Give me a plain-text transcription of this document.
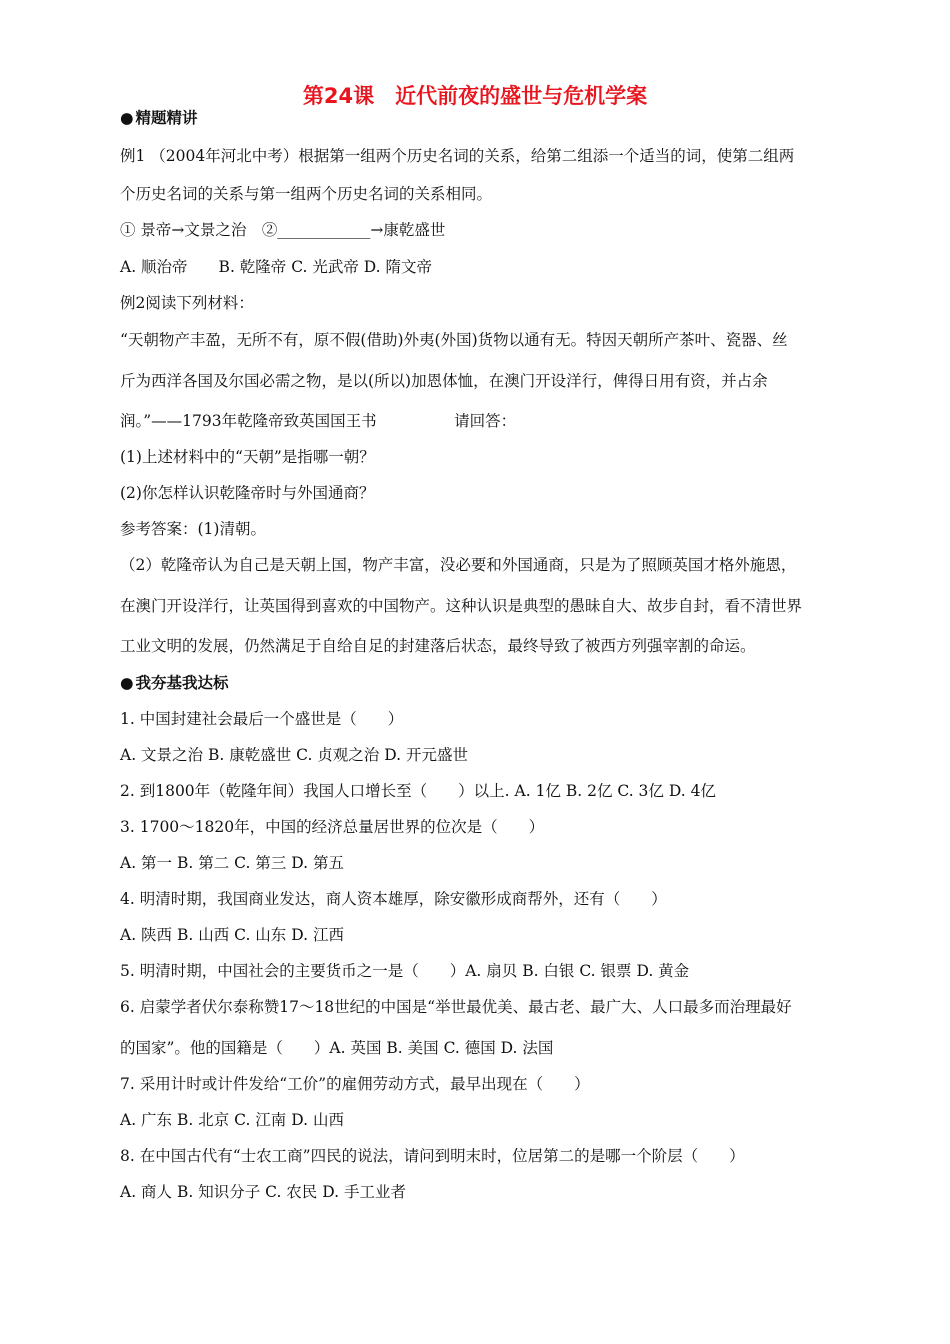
第24课　近代前夜的盛世与危机学案
● 精题精讲
例1 （2004年河北中考）根据第一组两个历史名词的关系，给第二组添一个适当的词，使第二组两
个历史名词的关系与第一组两个历史名词的关系相同。
① 景帝→文景之治　②____________→康乾盛世
A. 顺治帝　　B. 乾隆帝 C. 光武帝 D. 隋文帝
例2阅读下列材料：
“天朝物产丰盈，无所不有，原不假(借助)外夷(外国)货物以通有无。特因天朝所产茶叶、瓷器、丝
斤为西洋各国及尔国必需之物，是以(所以)加恩体恤，在澳门开设洋行，俾得日用有资，并占余
润。”——1793年乾隆帝致英国国王书　　　　　请回答：
(1)上述材料中的“天朝”是指哪一朝？
(2)你怎样认识乾隆帝时与外国通商？
参考答案：(1)清朝。
（2）乾隆帝认为自己是天朝上国，物产丰富，没必要和外国通商，只是为了照顾英国才格外施恩，
在澳门开设洋行，让英国得到喜欢的中国物产。这种认识是典型的愚昧自大、故步自封，看不清世界
工业文明的发展，仍然满足于自给自足的封建落后状态，最终导致了被西方列强宰割的命运。
● 我夯基我达标
1. 中国封建社会最后一个盛世是（　　）
A. 文景之治 B. 康乾盛世 C. 贞观之治 D. 开元盛世
2. 到1800年（乾隆年间）我国人口增长至（　　）以上. A. 1亿 B. 2亿 C. 3亿 D. 4亿
3. 1700～1820年，中国的经济总量居世界的位次是（　　）
A. 第一 B. 第二 C. 第三 D. 第五
4. 明清时期，我国商业发达，商人资本雄厚，除安徽形成商帮外，还有（　　）
A. 陕西 B. 山西 C. 山东 D. 江西
5. 明清时期，中国社会的主要货币之一是（　　）A. 扇贝 B. 白银 C. 银票 D. 黄金
6. 启蒙学者伏尔泰称赞17～18世纪的中国是“举世最优美、最古老、最广大、人口最多而治理最好
的国家”。他的国籍是（　　）A. 英国 B. 美国 C. 德国 D. 法国
7. 采用计时或计件发给“工价”的雇佣劳动方式，最早出现在（　　）
A. 广东 B. 北京 C. 江南 D. 山西
8. 在中国古代有“士农工商”四民的说法，请问到明末时，位居第二的是哪一个阶层（　　）
A. 商人 B. 知识分子 C. 农民 D. 手工业者
